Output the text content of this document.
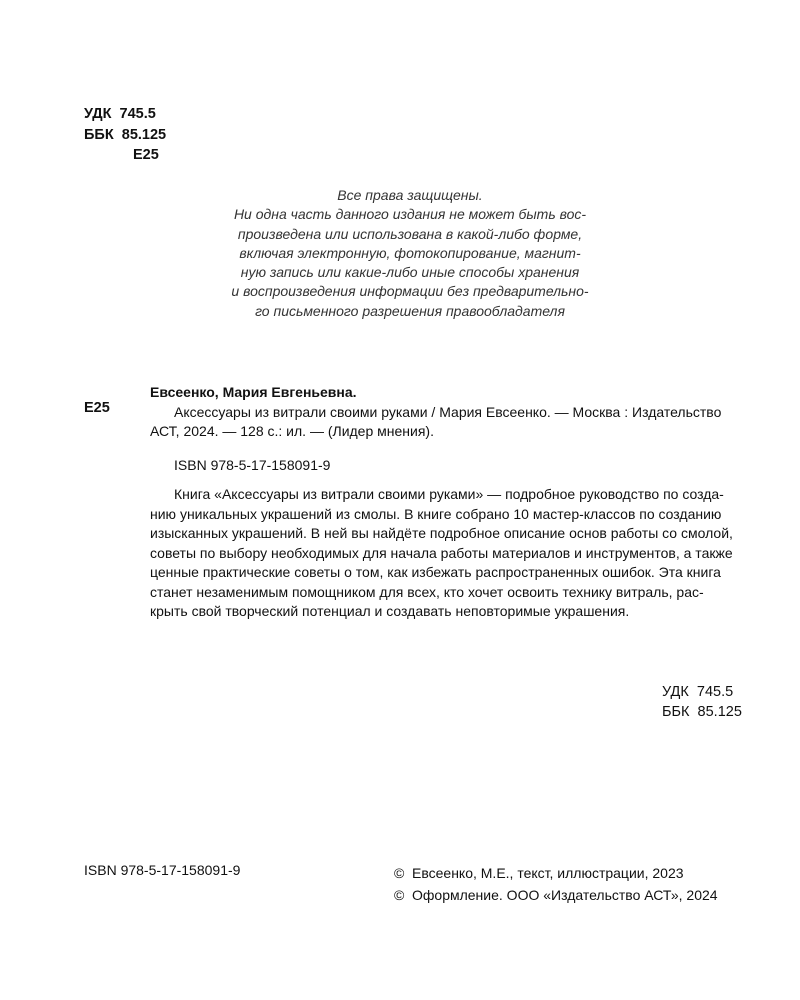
УДК  745.5
ББК  85.125
Е25
Все права защищены.
Ни одна часть данного издания не может быть вос-
произведена или использована в какой-либо форме,
включая электронную, фотокопирование, магнит-
ную запись или какие-либо иные способы хранения
и воспроизведения информации без предварительно-
го письменного разрешения правообладателя
Е25
Евсеенко, Мария Евгеньевна.
Аксессуары из витрали своими руками / Мария Евсеенко. — Москва : Издательство
АСТ, 2024. — 128 с.: ил. — (Лидер мнения).
ISBN 978-5-17-158091-9
Книга «Аксессуары из витрали своими руками» — подробное руководство по созда-
нию уникальных украшений из смолы. В книге собрано 10 мастер-классов по созданию
изысканных украшений. В ней вы найдёте подробное описание основ работы со смолой,
советы по выбору необходимых для начала работы материалов и инструментов, а также
ценные практические советы о том, как избежать распространенных ошибок. Эта книга
станет незаменимым помощником для всех, кто хочет освоить технику витраль, рас-
крыть свой творческий потенциал и создавать неповторимые украшения.
УДК  745.5
ББК  85.125
ISBN 978-5-17-158091-9	© Евсеенко, М.Е., текст, иллюстрации, 2023
© Оформление. ООО «Издательство АСТ», 2024
